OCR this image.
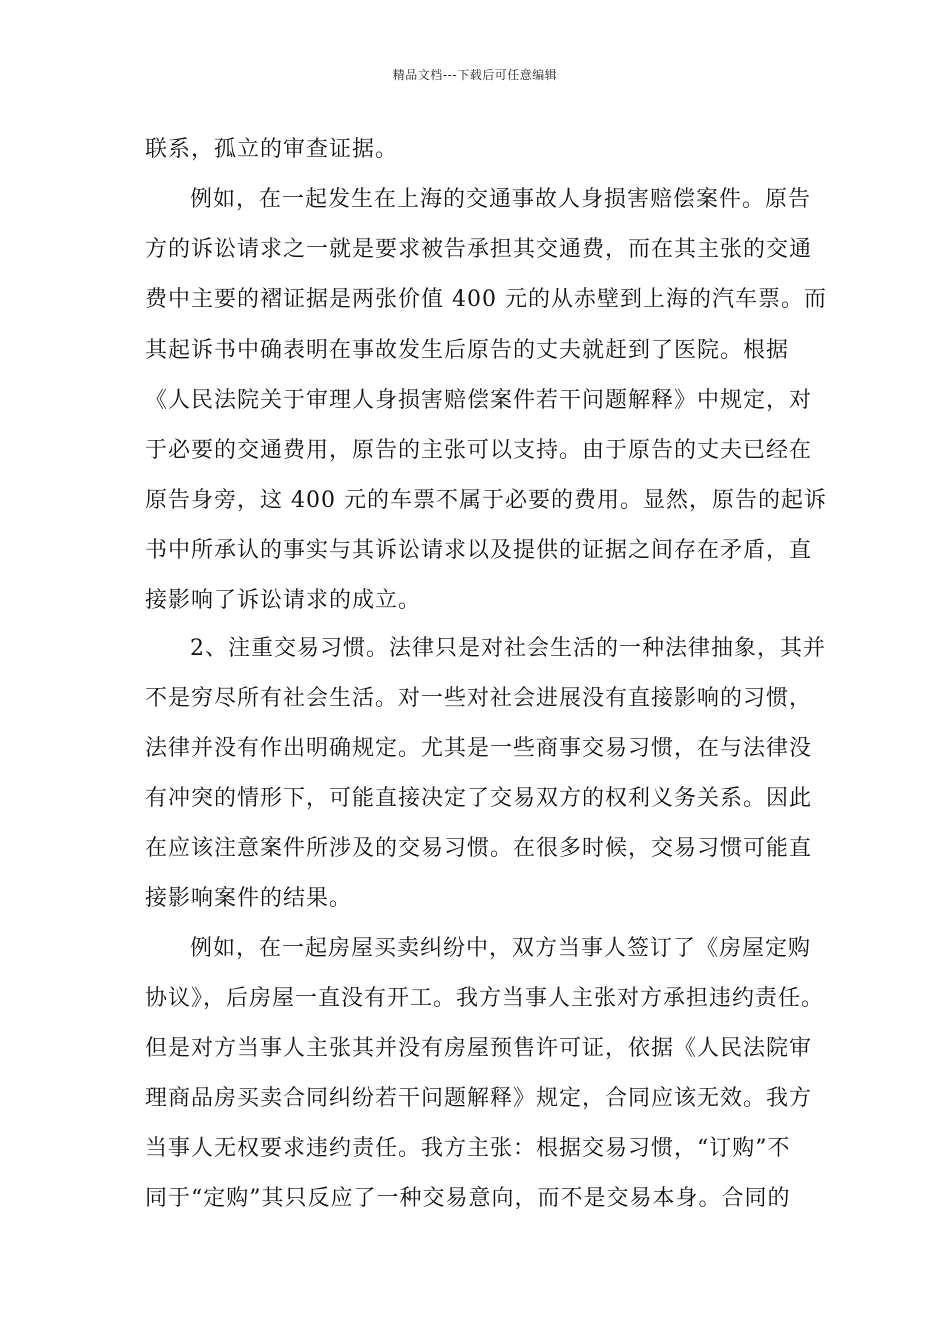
精品文档---下载后可任意编辑
联系，孤立的审查证据。
例如，在一起发生在上海的交通事故人身损害赔偿案件。原告
方的诉讼请求之一就是要求被告承担其交通费，而在其主张的交通
费中主要的褶证据是两张价值 400 元的从赤壁到上海的汽车票。而
其起诉书中确表明在事故发生后原告的丈夫就赶到了医院。根据
《人民法院关于审理人身损害赔偿案件若干问题解释》中规定，对
于必要的交通费用，原告的主张可以支持。由于原告的丈夫已经在
原告身旁，这 400 元的车票不属于必要的费用。显然，原告的起诉
书中所承认的事实与其诉讼请求以及提供的证据之间存在矛盾，直
接影响了诉讼请求的成立。
2、注重交易习惯。法律只是对社会生活的一种法律抽象，其并
不是穷尽所有社会生活。对一些对社会进展没有直接影响的习惯，
法律并没有作出明确规定。尤其是一些商事交易习惯，在与法律没
有冲突的情形下，可能直接决定了交易双方的权利义务关系。因此
在应该注意案件所涉及的交易习惯。在很多时候，交易习惯可能直
接影响案件的结果。
例如，在一起房屋买卖纠纷中，双方当事人签订了《房屋定购
协议》，后房屋一直没有开工。我方当事人主张对方承担违约责任。
但是对方当事人主张其并没有房屋预售许可证，依据《人民法院审
理商品房买卖合同纠纷若干问题解释》规定，合同应该无效。我方
当事人无权要求违约责任。我方主张：根据交易习惯，“订购”不
同于“定购”其只反应了一种交易意向，而不是交易本身。合同的
